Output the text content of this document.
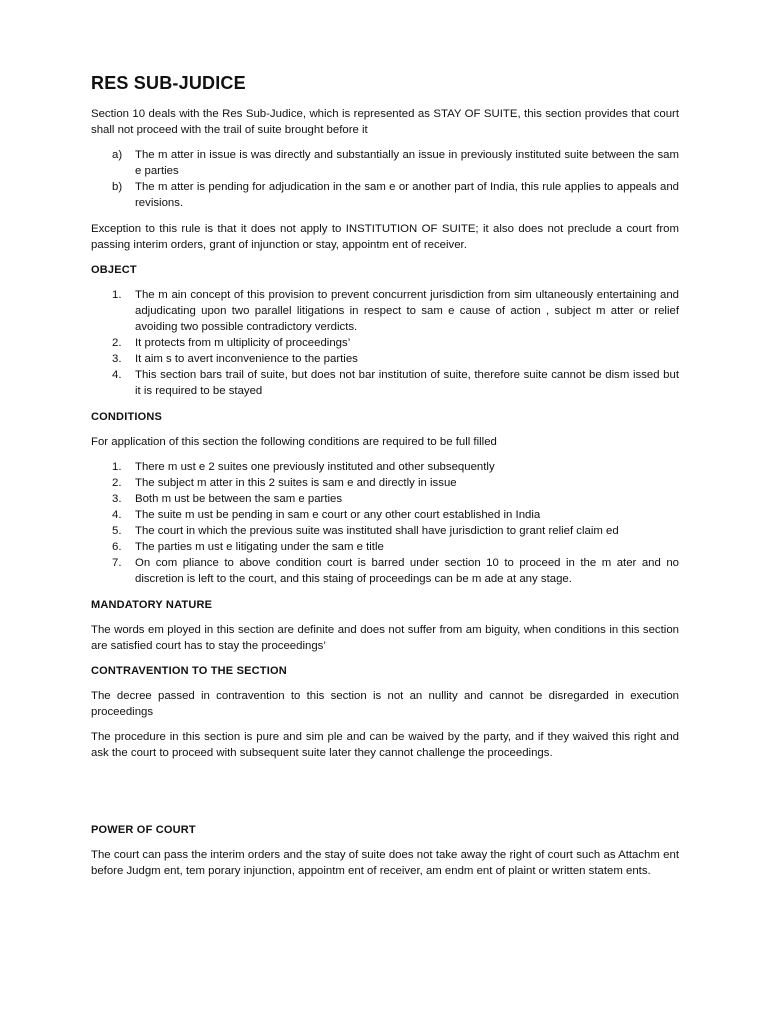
RES SUB-JUDICE

Section 10 deals with the Res Sub-Judice, which is represented as STAY OF SUITE, this section provides that court shall not proceed with the trail of suite brought before it

a) The m atter in issue is was directly and substantially an issue in previously instituted suite between the sam e parties
b) The m atter is pending for adjudication in the sam e or another part of India, this rule applies to appeals and revisions.

Exception to this rule is that it does not apply to INSTITUTION OF SUITE; it also does not preclude a court from passing interim orders, grant of injunction or stay, appointm ent of receiver.

OBJECT
1. The m ain concept of this provision to prevent concurrent jurisdiction from sim ultaneously entertaining and adjudicating upon two parallel litigations in respect to sam e cause of action , subject m atter or relief avoiding two possible contradictory verdicts.
2. It protects from m ultiplicity of proceedings’
3. It aim s to avert inconvenience to the parties
4. This section bars trail of suite, but does not bar institution of suite, therefore suite cannot be dism issed but it is required to be stayed
CONDITIONS

For application of this section the following conditions are required to be full filled

1. There m ust e 2 suites one previously instituted and other subsequently
2. The subject m atter in this 2 suites is sam e and directly in issue
3. Both m ust be between the sam e parties
4. The suite m ust be pending in sam e court or any other court established in India
5. The court in which the previous suite was instituted shall have jurisdiction to grant relief claim ed
6. The parties m ust e litigating under the sam e title
7. On com pliance to above condition court is barred under section 10 to proceed in the m ater and no discretion is left to the court, and this staing of proceedings can be m ade at any stage.
MANDATORY NATURE

The words em ployed in this section are definite and does not suffer from am biguity, when conditions in this section are satisfied court has to stay the proceedings’

CONTRAVENTION TO THE SECTION

The decree passed in contravention to this section is not an nullity and cannot be disregarded in execution proceedings

The procedure in this section is pure and sim ple and can be waived by the party, and if they waived this right and ask the court to proceed with subsequent suite later they cannot challenge the proceedings.

POWER OF COURT

The court can pass the interim orders and the stay of suite does not take away the right of court such as Attachm ent before Judgm ent, tem porary injunction, appointm ent of receiver, am endm ent of plaint or written statem ents.
